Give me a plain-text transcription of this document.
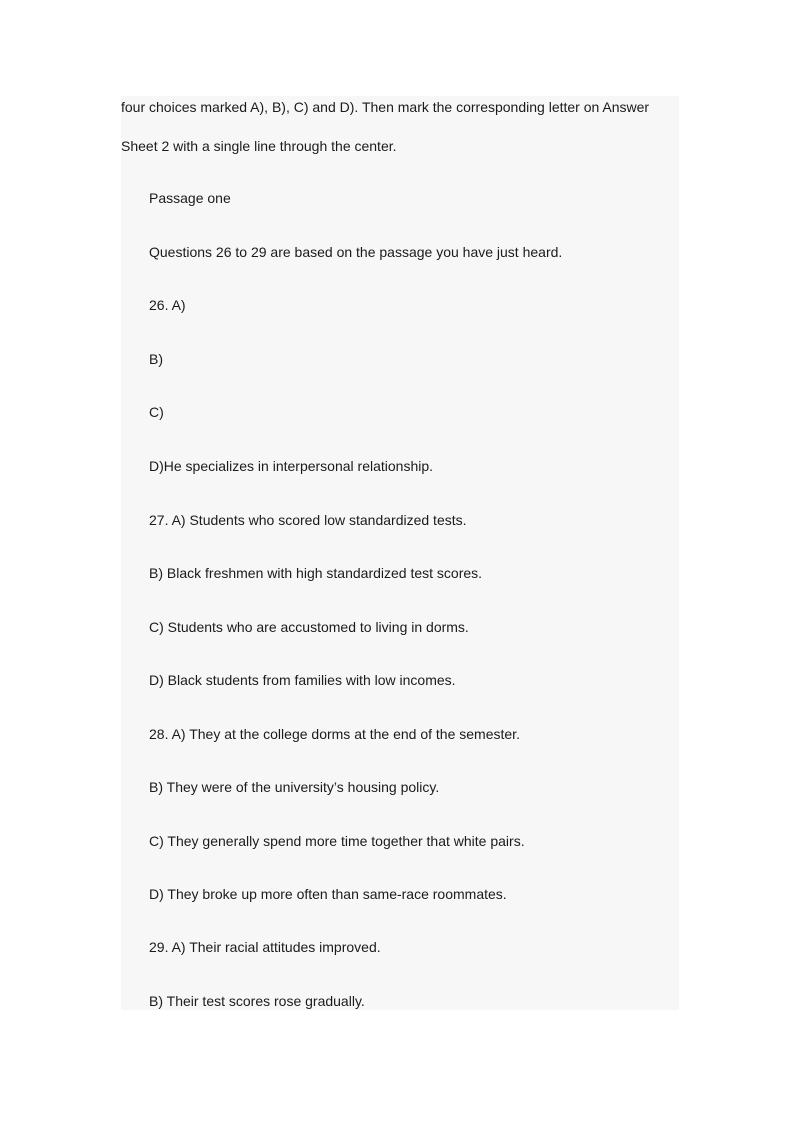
four choices marked A), B), C) and D). Then mark the corresponding letter on Answer
Sheet 2 with a single line through the center.
Passage one
Questions 26 to 29 are based on the passage you have just heard.
26. A)
B)
C)
D)He specializes in interpersonal relationship.
27. A) Students who scored low standardized tests.
B) Black freshmen with high standardized test scores.
C) Students who are accustomed to living in dorms.
D) Black students from families with low incomes.
28. A) They at the college dorms at the end of the semester.
B) They were of the university’s housing policy.
C) They generally spend more time together that white pairs.
D) They broke up more often than same-race roommates.
29. A) Their racial attitudes improved.
B) Their test scores rose gradually.
